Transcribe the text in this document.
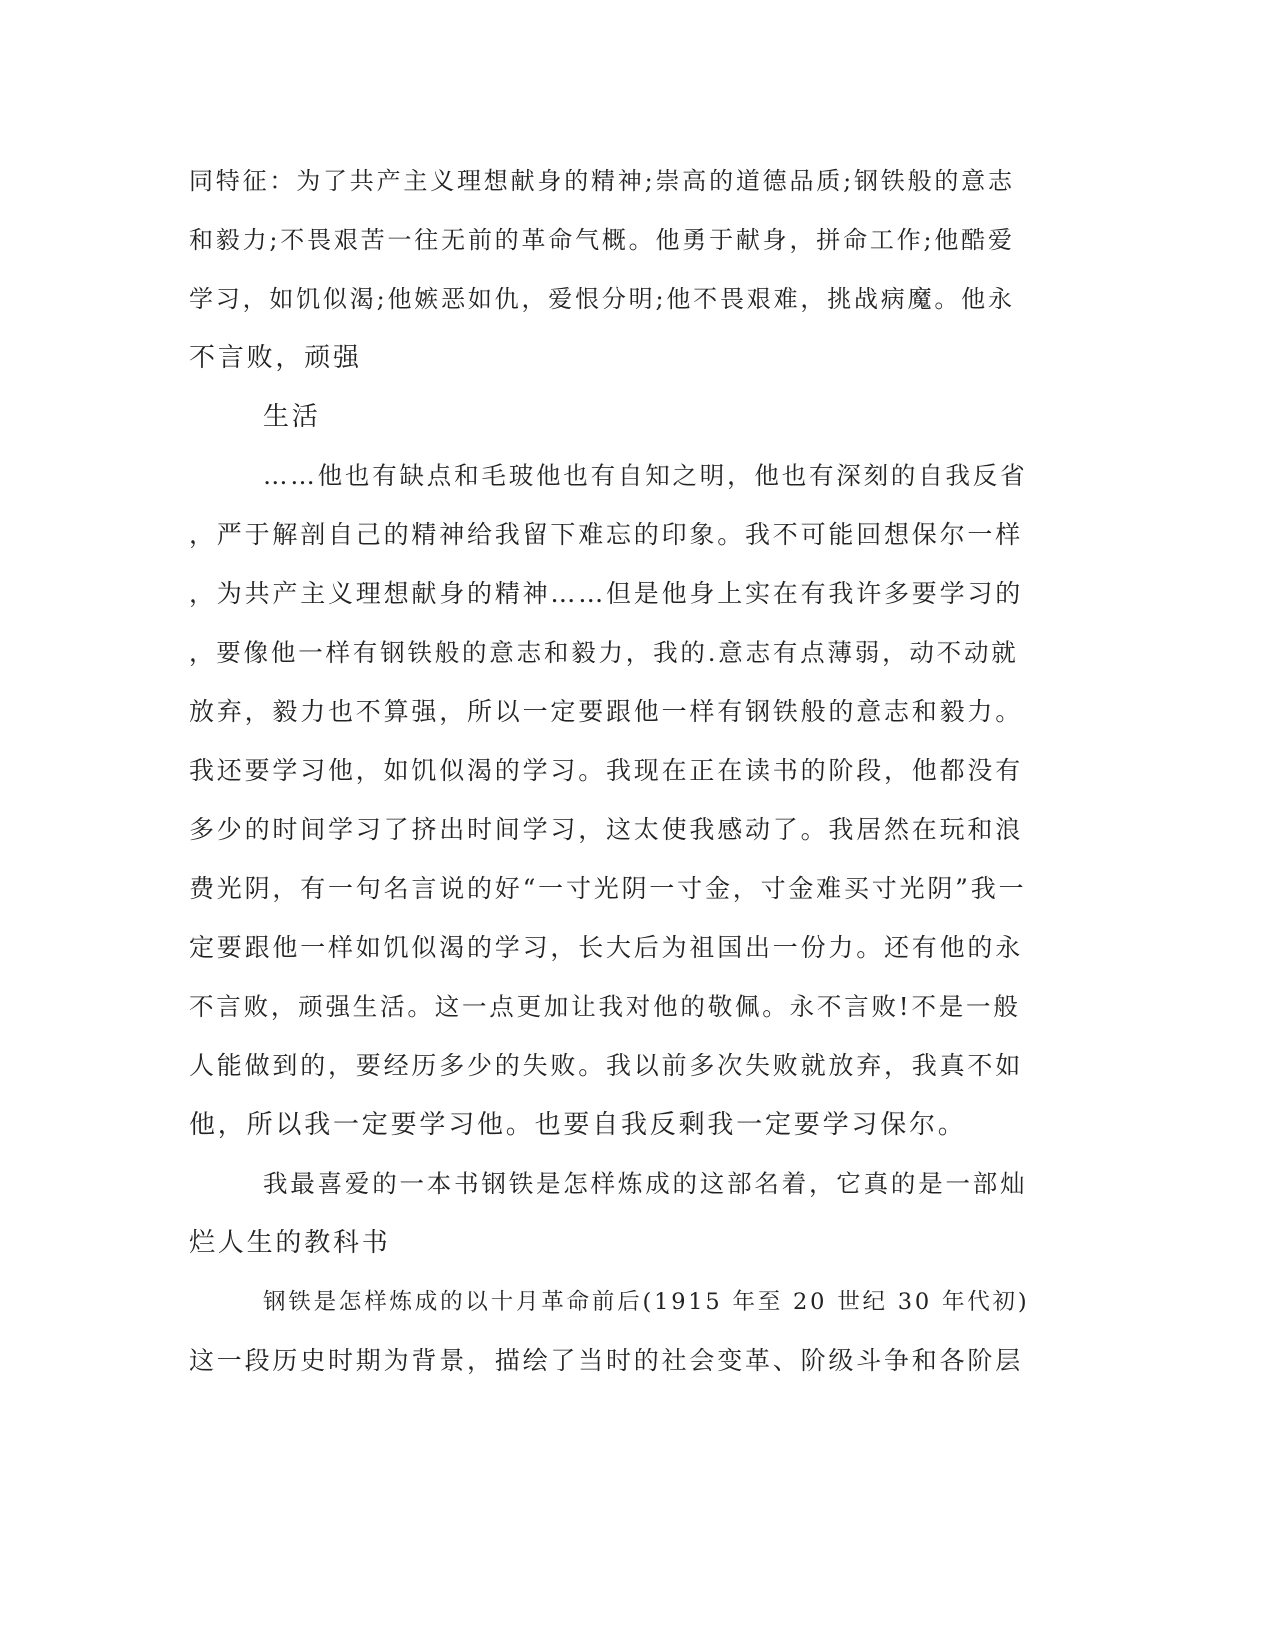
同特征：为了共产主义理想献身的精神;崇高的道德品质;钢铁般的意志
和毅力;不畏艰苦一往无前的革命气概。他勇于献身，拼命工作;他酷爱
学习，如饥似渴;他嫉恶如仇，爱恨分明;他不畏艰难，挑战病魔。他永
不言败，顽强
生活
……他也有缺点和毛玻他也有自知之明，他也有深刻的自我反省
，严于解剖自己的精神给我留下难忘的印象。我不可能回想保尔一样
，为共产主义理想献身的精神……但是他身上实在有我许多要学习的
，要像他一样有钢铁般的意志和毅力，我的.意志有点薄弱，动不动就
放弃，毅力也不算强，所以一定要跟他一样有钢铁般的意志和毅力。
我还要学习他，如饥似渴的学习。我现在正在读书的阶段，他都没有
多少的时间学习了挤出时间学习，这太使我感动了。我居然在玩和浪
费光阴，有一句名言说的好“一寸光阴一寸金，寸金难买寸光阴”我一
定要跟他一样如饥似渴的学习，长大后为祖国出一份力。还有他的永
不言败，顽强生活。这一点更加让我对他的敬佩。永不言败!不是一般
人能做到的，要经历多少的失败。我以前多次失败就放弃，我真不如
他，所以我一定要学习他。也要自我反剩我一定要学习保尔。
我最喜爱的一本书钢铁是怎样炼成的这部名着，它真的是一部灿
烂人生的教科书
钢铁是怎样炼成的以十月革命前后(1915 年至 20 世纪 30 年代初)
这一段历史时期为背景，描绘了当时的社会变革、阶级斗争和各阶层
